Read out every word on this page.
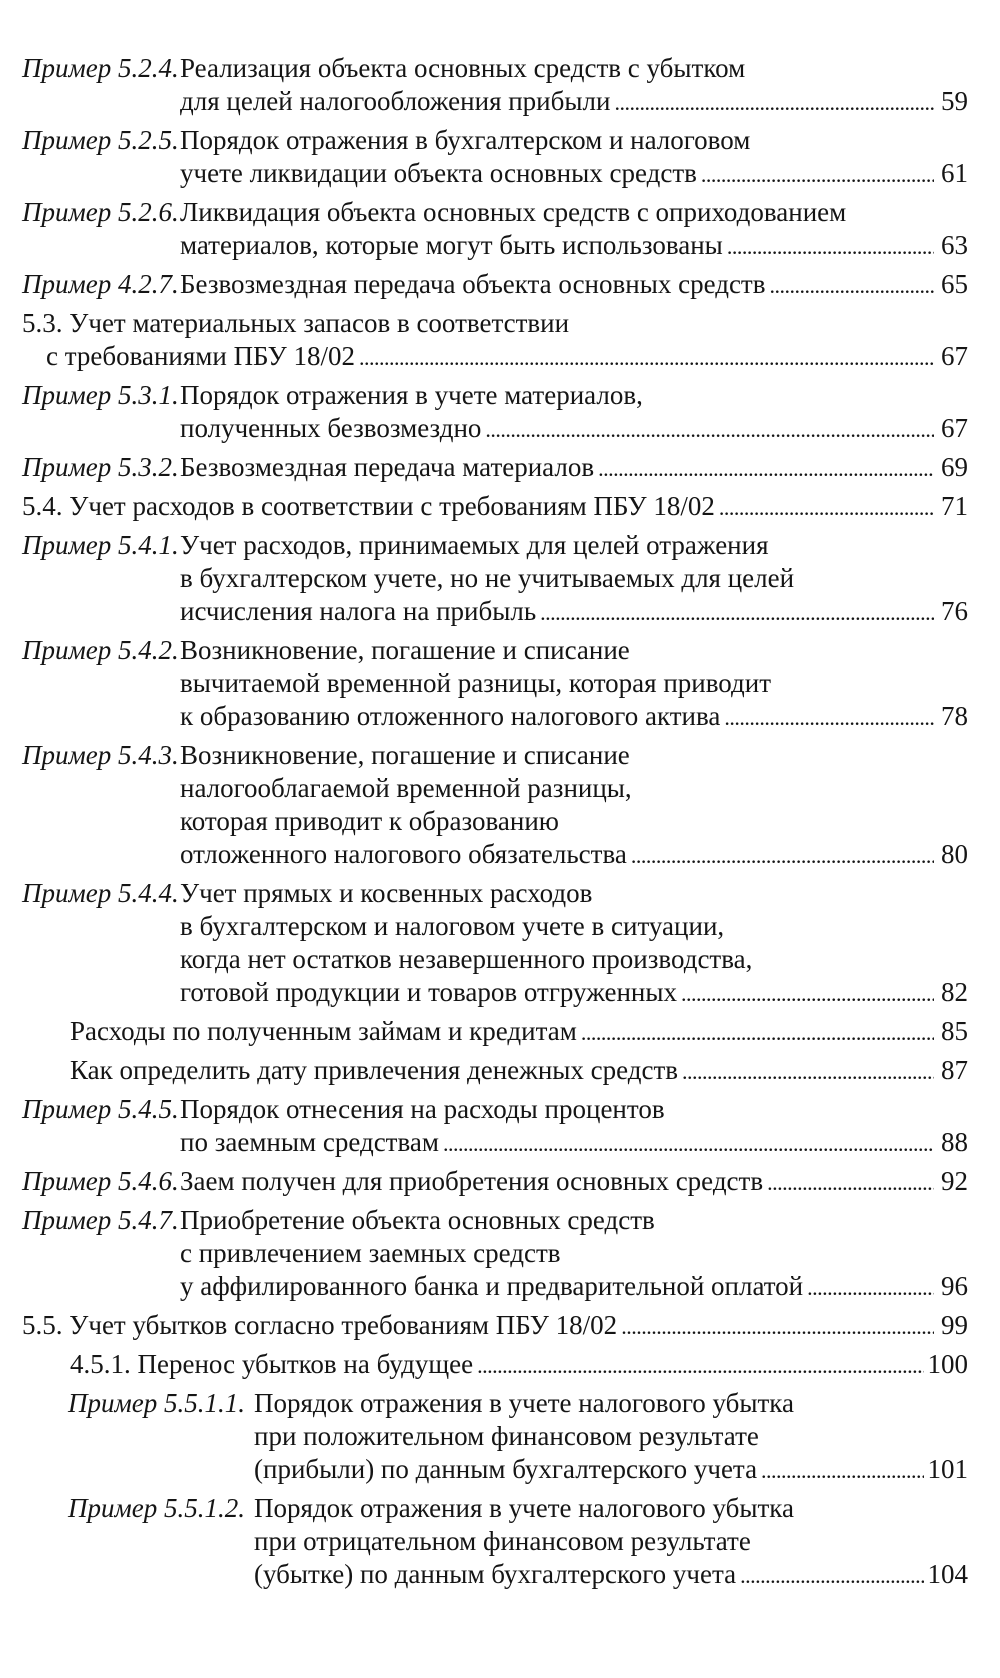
Пример 5.2.4. Реализация объекта основных средств с убытком
для целей налогообложения прибыли . . .	59
Пример 5.2.5. Порядок отражения в бухгалтерском и налоговом
учете ликвидации объекта основных средств . . .	61
Пример 5.2.6. Ликвидация объекта основных средств с оприходованием
материалов, которые могут быть использованы . . .	63
Пример 4.2.7. Безвозмездная передача объекта основных средств . . .	65
5.3. Учет материальных запасов в соответствии
с требованиями ПБУ 18/02 . . .	67
Пример 5.3.1. Порядок отражения в учете материалов,
полученных безвозмездно . . .	67
Пример 5.3.2. Безвозмездная передача материалов . . .	69
5.4. Учет расходов в соответствии с требованиям ПБУ 18/02 . . .	71
Пример 5.4.1. Учет расходов, принимаемых для целей отражения
в бухгалтерском учете, но не учитываемых для целей
исчисления налога на прибыль . . .	76
Пример 5.4.2. Возникновение, погашение и списание
вычитаемой временной разницы, которая приводит
к образованию отложенного налогового актива . . .	78
Пример 5.4.3. Возникновение, погашение и списание
налогооблагаемой временной разницы,
которая приводит к образованию
отложенного налогового обязательства . . .	80
Пример 5.4.4. Учет прямых и косвенных расходов
в бухгалтерском и налоговом учете в ситуации,
когда нет остатков незавершенного производства,
готовой продукции и товаров отгруженных . . .	82
Расходы по полученным займам и кредитам . . .	85
Как определить дату привлечения денежных средств . . .	87
Пример 5.4.5. Порядок отнесения на расходы процентов
по заемным средствам . . .	88
Пример 5.4.6. Заем получен для приобретения основных средств . . .	92
Пример 5.4.7. Приобретение объекта основных средств
с привлечением заемных средств
у аффилированного банка и предварительной оплатой . . .	96
5.5. Учет убытков согласно требованиям ПБУ 18/02 . . .	99
4.5.1. Перенос убытков на будущее . . .	100
Пример 5.5.1.1. Порядок отражения в учете налогового убытка
при положительном финансовом результате
(прибыли) по данным бухгалтерского учета . . .	101
Пример 5.5.1.2. Порядок отражения в учете налогового убытка
при отрицательном финансовом результате
(убытке) по данным бухгалтерского учета . . .	104
